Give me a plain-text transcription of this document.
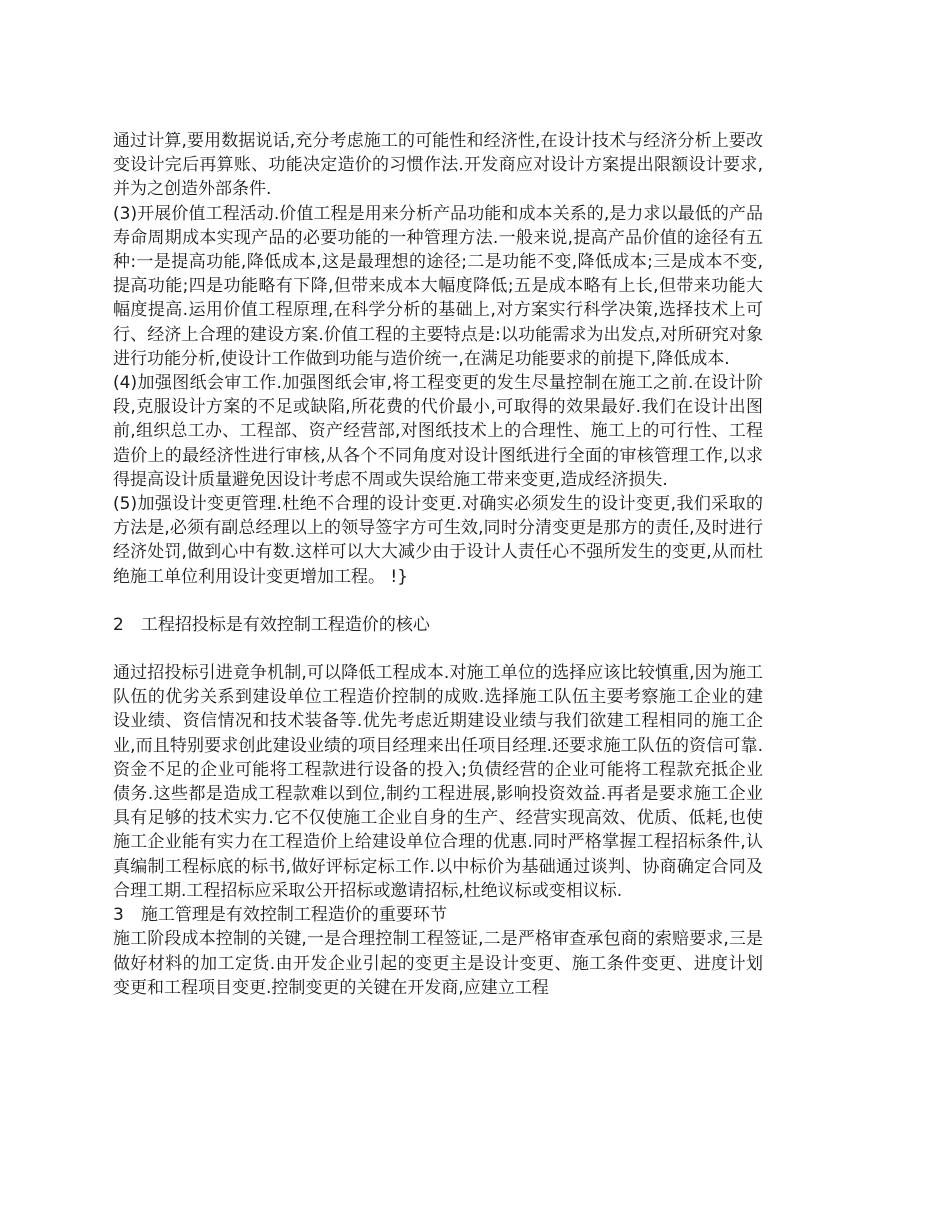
通过计算,要用数据说话,充分考虑施工的可能性和经济性,在设计技术与经济分析上要改变设计完后再算账、功能决定造价的习惯作法.开发商应对设计方案提出限额设计要求,并为之创造外部条件.

(3)开展价值工程活动.价值工程是用来分析产品功能和成本关系的,是力求以最低的产品寿命周期成本实现产品的必要功能的一种管理方法.一般来说,提高产品价值的途径有五种:一是提高功能,降低成本,这是最理想的途径;二是功能不变,降低成本;三是成本不变,提高功能;四是功能略有下降,但带来成本大幅度降低;五是成本略有上长,但带来功能大幅度提高.运用价值工程原理,在科学分析的基础上,对方案实行科学决策,选择技术上可行、经济上合理的建设方案.价值工程的主要特点是:以功能需求为出发点,对所研究对象进行功能分析,使设计工作做到功能与造价统一,在满足功能要求的前提下,降低成本.

(4)加强图纸会审工作.加强图纸会审,将工程变更的发生尽量控制在施工之前.在设计阶段,克服设计方案的不足或缺陷,所花费的代价最小,可取得的效果最好.我们在设计出图前,组织总工办、工程部、资产经营部,对图纸技术上的合理性、施工上的可行性、工程造价上的最经济性进行审核,从各个不同角度对设计图纸进行全面的审核管理工作,以求得提高设计质量避免因设计考虑不周或失误给施工带来变更,造成经济损失.

(5)加强设计变更管理.杜绝不合理的设计变更.对确实必须发生的设计变更,我们采取的方法是,必须有副总经理以上的领导签字方可生效,同时分清变更是那方的责任,及时进行经济处罚,做到心中有数.这样可以大大减少由于设计人责任心不强所发生的变更,从而杜绝施工单位利用设计变更增加工程。 !}

2　工程招投标是有效控制工程造价的核心

通过招投标引进竟争机制,可以降低工程成本.对施工单位的选择应该比较慎重,因为施工队伍的优劣关系到建设单位工程造价控制的成败.选择施工队伍主要考察施工企业的建设业绩、资信情况和技术装备等.优先考虑近期建设业绩与我们欲建工程相同的施工企业,而且特别要求创此建设业绩的项目经理来出任项目经理.还要求施工队伍的资信可靠.资金不足的企业可能将工程款进行设备的投入;负债经营的企业可能将工程款充抵企业债务.这些都是造成工程款难以到位,制约工程进展,影响投资效益.再者是要求施工企业具有足够的技术实力.它不仅使施工企业自身的生产、经营实现高效、优质、低耗,也使施工企业能有实力在工程造价上给建设单位合理的优惠.同时严格掌握工程招标条件,认真编制工程标底的标书,做好评标定标工作.以中标价为基础通过谈判、协商确定合同及合理工期.工程招标应采取公开招标或邀请招标,杜绝议标或变相议标.

3　施工管理是有效控制工程造价的重要环节

施工阶段成本控制的关键,一是合理控制工程签证,二是严格审查承包商的索赔要求,三是做好材料的加工定货.由开发企业引起的变更主是设计变更、施工条件变更、进度计划变更和工程项目变更.控制变更的关键在开发商,应建立工程
